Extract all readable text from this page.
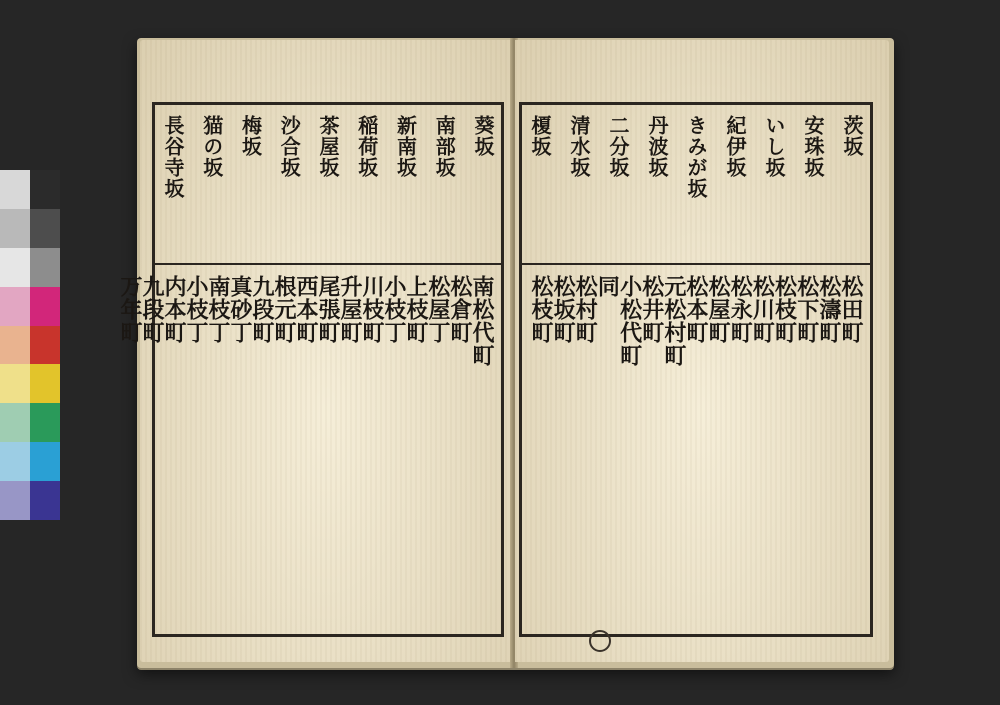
葵坂
南部坂
新南坂
稲荷坂
茶屋坂
沙合坂
梅坂
猫の坂
長谷寺坂
南松代町
松倉町
松屋丁
上枝町
小枝丁
川枝町
升屋町
尾張町
西本町
根元町
九段町
真砂丁
南枝丁
小枝丁
内本町
九段町
万年町
茨坂
安珠坂
いし坂
紀伊坂
きみが坂
丹波坂
二分坂
清水坂
榎坂
松田町
松濤町
松下町
松枝町
松川町
松永町
松屋町
松本町
元松村町
松井町
小松代町
同
松村町
松坂町
松枝町
